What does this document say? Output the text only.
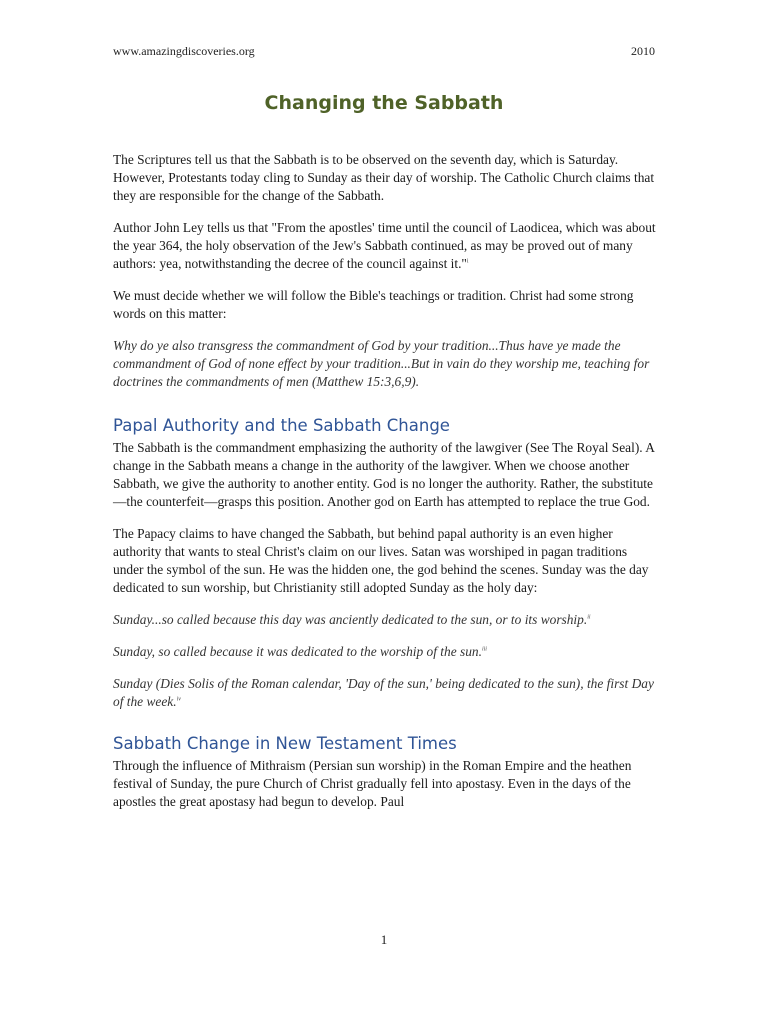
www.amazingdiscoveries.org	2010
Changing the Sabbath

The Scriptures tell us that the Sabbath is to be observed on the seventh day, which is Saturday. However, Protestants today cling to Sunday as their day of worship. The Catholic Church claims that they are responsible for the change of the Sabbath.

Author John Ley tells us that "From the apostles' time until the council of Laodicea, which was about the year 364, the holy observation of the Jew's Sabbath continued, as may be proved out of many authors: yea, notwithstanding the decree of the council against it."$^i$

We must decide whether we will follow the Bible's teachings or tradition. Christ had some strong words on this matter:

Why do ye also transgress the commandment of God by your tradition...Thus have ye made the commandment of God of none effect by your tradition...But in vain do they worship me, teaching for doctrines the commandments of men (Matthew 15:3,6,9).

Papal Authority and the Sabbath Change

The Sabbath is the commandment emphasizing the authority of the lawgiver (See The Royal Seal). A change in the Sabbath means a change in the authority of the lawgiver. When we choose another Sabbath, we give the authority to another entity. God is no longer the authority. Rather, the substitute—the counterfeit—grasps this position. Another god on Earth has attempted to replace the true God.

The Papacy claims to have changed the Sabbath, but behind papal authority is an even higher authority that wants to steal Christ's claim on our lives. Satan was worshiped in pagan traditions under the symbol of the sun. He was the hidden one, the god behind the scenes. Sunday was the day dedicated to sun worship, but Christianity still adopted Sunday as the holy day:

Sunday...so called because this day was anciently dedicated to the sun, or to its worship.$^{ii}$

Sunday, so called because it was dedicated to the worship of the sun.$^{iii}$

Sunday (Dies Solis of the Roman calendar, 'Day of the sun,' being dedicated to the sun), the first Day of the week.$^{iv}$

Sabbath Change in New Testament Times

Through the influence of Mithraism (Persian sun worship) in the Roman Empire and the heathen festival of Sunday, the pure Church of Christ gradually fell into apostasy. Even in the days of the apostles the great apostasy had begun to develop. Paul

1
